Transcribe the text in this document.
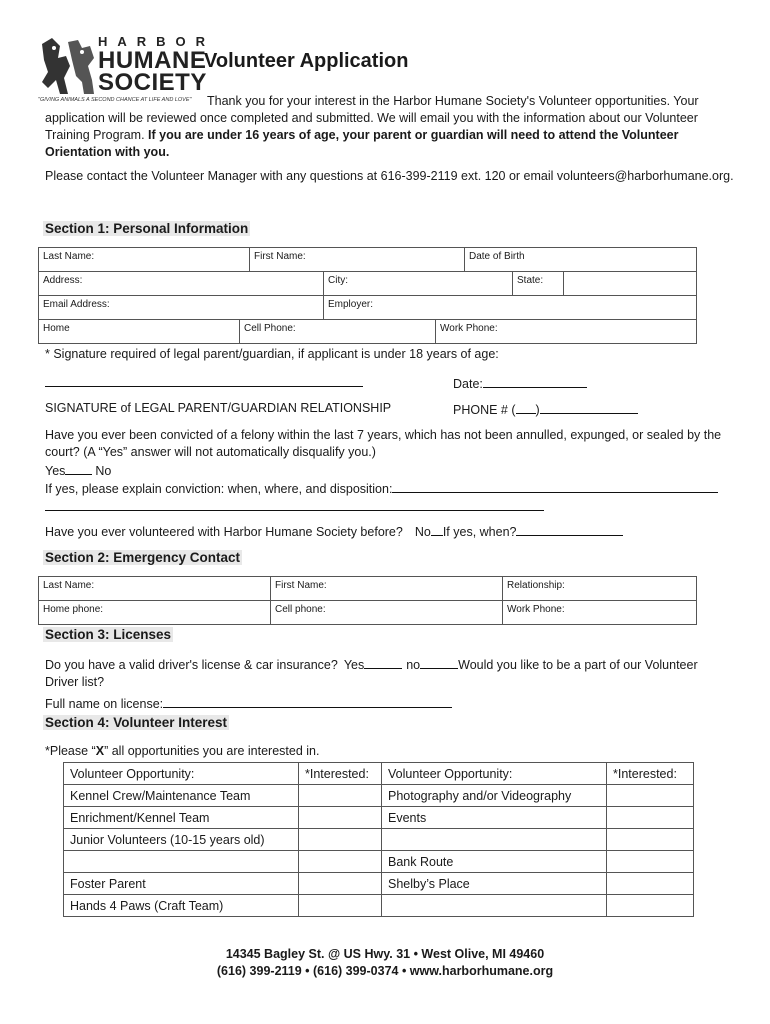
HARBOR
HUMANE
SOCIETY
"GIVING ANIMALS A SECOND CHANCE AT LIFE AND LOVE"
Volunteer Application
Thank you for your interest in the Harbor Humane Society's Volunteer opportunities. Your application will be reviewed once completed and submitted. We will email you with the information about our Volunteer Training Program. If you are under 16 years of age, your parent or guardian will need to attend the Volunteer Orientation with you.
Please contact the Volunteer Manager with any questions at 616-399-2119 ext. 120 or email volunteers@harborhumane.org.
Section 1: Personal Information
Last Name:	First Name:	Date of Birth
Address:	City:	State:	
Email Address:	Employer:
Home	Cell Phone:	Work Phone:
* Signature required of legal parent/guardian, if applicant is under 18 years of age:
Date:
SIGNATURE of LEGAL PARENT/GUARDIAN RELATIONSHIP	PHONE # ( )
Have you ever been convicted of a felony within the last 7 years, which has not been annulled, expunged, or sealed by the court? (A “Yes” answer will not automatically disqualify you.)
Yes No
If yes, please explain conviction: when, where, and disposition:
Have you ever volunteered with Harbor Humane Society before? No If yes, when?
Section 2: Emergency Contact
Last Name:	First Name:	Relationship:
Home phone:	Cell phone:	Work Phone:
Section 3: Licenses
Do you have a valid driver's license & car insurance? Yes	no	Would you like to be a part of our Volunteer
Driver list?
Full name on license:
Section 4: Volunteer Interest
*Please “X” all opportunities you are interested in.
Volunteer Opportunity:	*Interested:	Volunteer Opportunity:	*Interested:
Kennel Crew/Maintenance Team		Photography and/or Videography	
Enrichment/Kennel Team		Events	
Junior Volunteers (10-15 years old)			
		Bank Route	
Foster Parent		Shelby’s Place	
Hands 4 Paws (Craft Team)			
14345 Bagley St. @ US Hwy. 31 • West Olive, MI 49460
(616) 399-2119 • (616) 399-0374 • www.harborhumane.org
